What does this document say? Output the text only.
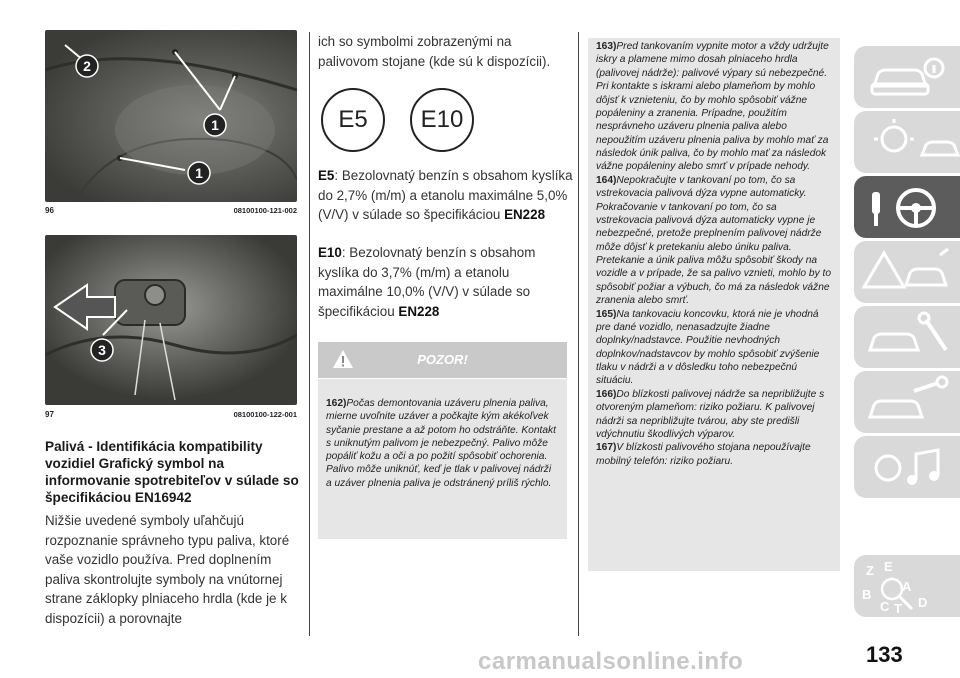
2
1
1
96	08100100-121-002
3
97	08100100-122-001
Palivá - Identifikácia kompatibility vozidiel Grafický symbol na informovanie spotrebiteľov v súlade so špecifikáciou EN16942
Nižšie uvedené symboly uľahčujú rozpoznanie správneho typu paliva, ktoré vaše vozidlo používa. Pred doplnením paliva skontrolujte symboly na vnútornej strane záklopky plniaceho hrdla (kde je k dispozícii) a porovnajte
ich so symbolmi zobrazenými na palivovom stojane (kde sú k dispozícii).
E5	E10
E5: Bezolovnatý benzín s obsahom kyslíka do 2,7% (m/m) a etanolu maximálne 5,0% (V/V) v súlade so špecifikáciou EN228
E10: Bezolovnatý benzín s obsahom kyslíka do 3,7% (m/m) a etanolu maximálne 10,0% (V/V) v súlade so špecifikáciou EN228
POZOR!
162)Počas demontovania uzáveru plnenia paliva, mierne uvoľnite uzáver a počkajte kým akékoľvek syčanie prestane a až potom ho odstráňte. Kontakt s uniknutým palivom je nebezpečný. Palivo môže popáliť kožu a oči a po požití spôsobiť ochorenia. Palivo môže uniknúť, keď je tlak v palivovej nádrži a uzáver plnenia paliva je odstránený príliš rýchlo.

163)Pred tankovaním vypnite motor a vždy udržujte iskry a plamene mimo dosah plniaceho hrdla (palivovej nádrže): palivové výpary sú nebezpečné. Pri kontakte s iskrami alebo plameňom by mohlo dôjsť k vznieteniu, čo by mohlo spôsobiť vážne popáleniny a zranenia. Prípadne, použitím nesprávneho uzáveru plnenia paliva alebo nepoužitím uzáveru plnenia paliva by mohlo mať za následok únik paliva, čo by mohlo mať za následok vážne popáleniny alebo smrť v prípade nehody.

164)Nepokračujte v tankovaní po tom, čo sa vstrekovacia palivová dýza vypne automaticky. Pokračovanie v tankovaní po tom, čo sa vstrekovacia palivová dýza automaticky vypne je nebezpečné, pretože preplnením palivovej nádrže môže dôjsť k pretekaniu alebo úniku paliva. Pretekanie a únik paliva môžu spôsobiť škody na vozidle a v prípade, že sa palivo vznieti, mohlo by to spôsobiť požiar a výbuch, čo má za následok vážne zranenia alebo smrť.

165)Na tankovaciu koncovku, ktorá nie je vhodná pre dané vozidlo, nenasadzujte žiadne doplnky/nadstavce. Použitie nevhodných doplnkov/nadstavcov by mohlo spôsobiť zvýšenie tlaku v nádrži a v dôsledku toho nebezpečnú situáciu.

166)Do blízkosti palivovej nádrže sa nepribližujte s otvoreným plameňom: riziko požiaru. K palivovej nádrži sa nepribližujte tvárou, aby ste predišli vdýchnutiu škodlivých výparov.

167)V blízkosti palivového stojana nepoužívajte mobilný telefón: riziko požiaru.

Z E
A
B
C T D
133
carmanualsonline.info
